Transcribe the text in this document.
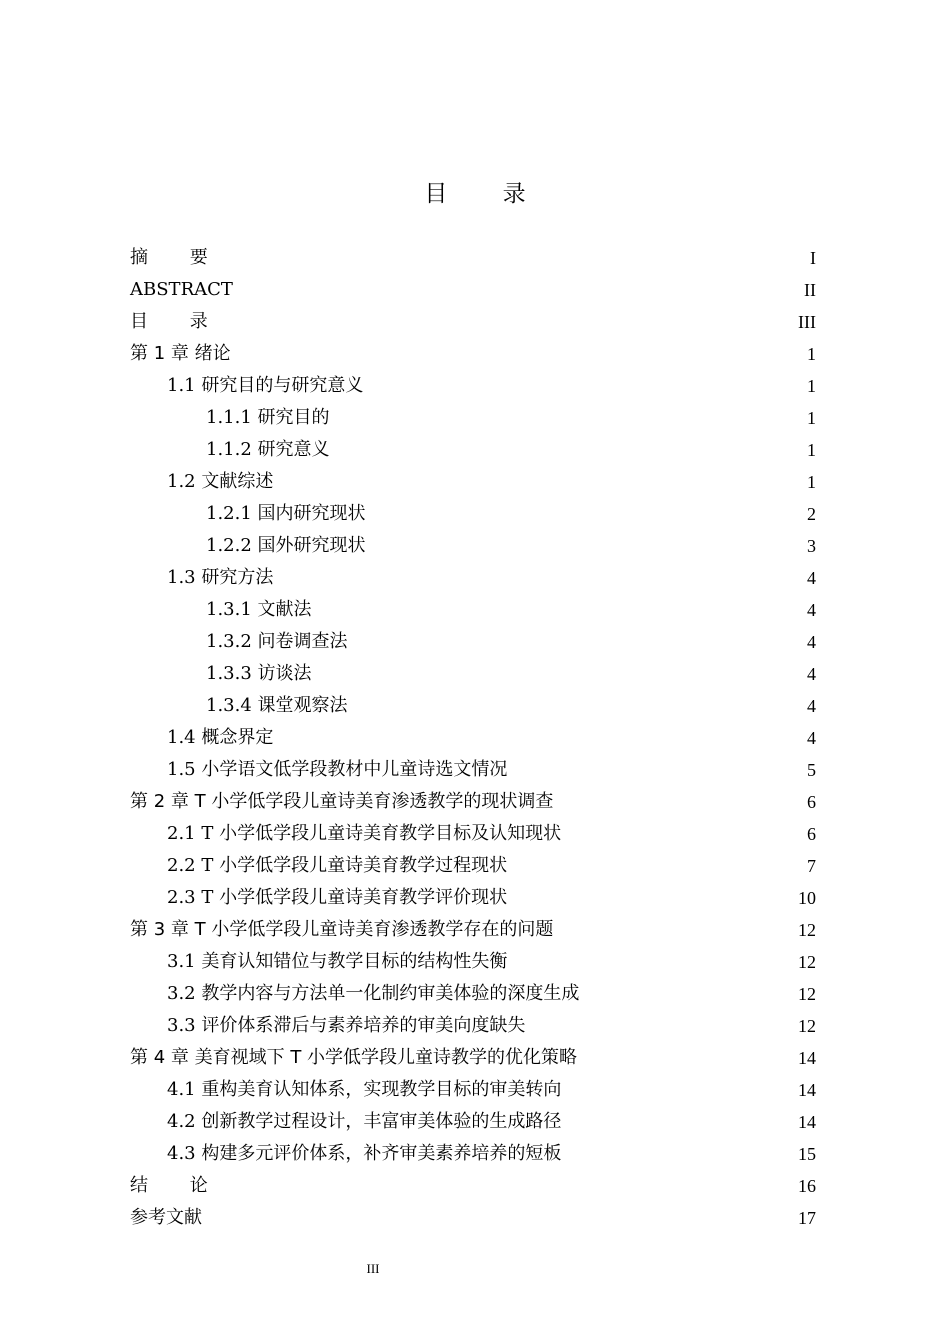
目 录
摘 要	I
ABSTRACT	II
目 录	III
第 1 章 绪论	1
1.1 研究目的与研究意义	1
1.1.1 研究目的	1
1.1.2 研究意义	1
1.2 文献综述	1
1.2.1 国内研究现状	2
1.2.2 国外研究现状	3
1.3 研究方法	4
1.3.1 文献法	4
1.3.2 问卷调查法	4
1.3.3 访谈法	4
1.3.4 课堂观察法	4
1.4 概念界定	4
1.5 小学语文低学段教材中儿童诗选文情况	5
第 2 章 T 小学低学段儿童诗美育渗透教学的现状调查	6
2.1 T 小学低学段儿童诗美育教学目标及认知现状	6
2.2 T 小学低学段儿童诗美育教学过程现状	7
2.3 T 小学低学段儿童诗美育教学评价现状	10
第 3 章 T 小学低学段儿童诗美育渗透教学存在的问题	12
3.1 美育认知错位与教学目标的结构性失衡	12
3.2 教学内容与方法单一化制约审美体验的深度生成	12
3.3 评价体系滞后与素养培养的审美向度缺失	12
第 4 章 美育视域下 T 小学低学段儿童诗教学的优化策略	14
4.1 重构美育认知体系，实现教学目标的审美转向	14
4.2 创新教学过程设计，丰富审美体验的生成路径	14
4.3 构建多元评价体系，补齐审美素养培养的短板	15
结 论	16
参考文献	17
III
